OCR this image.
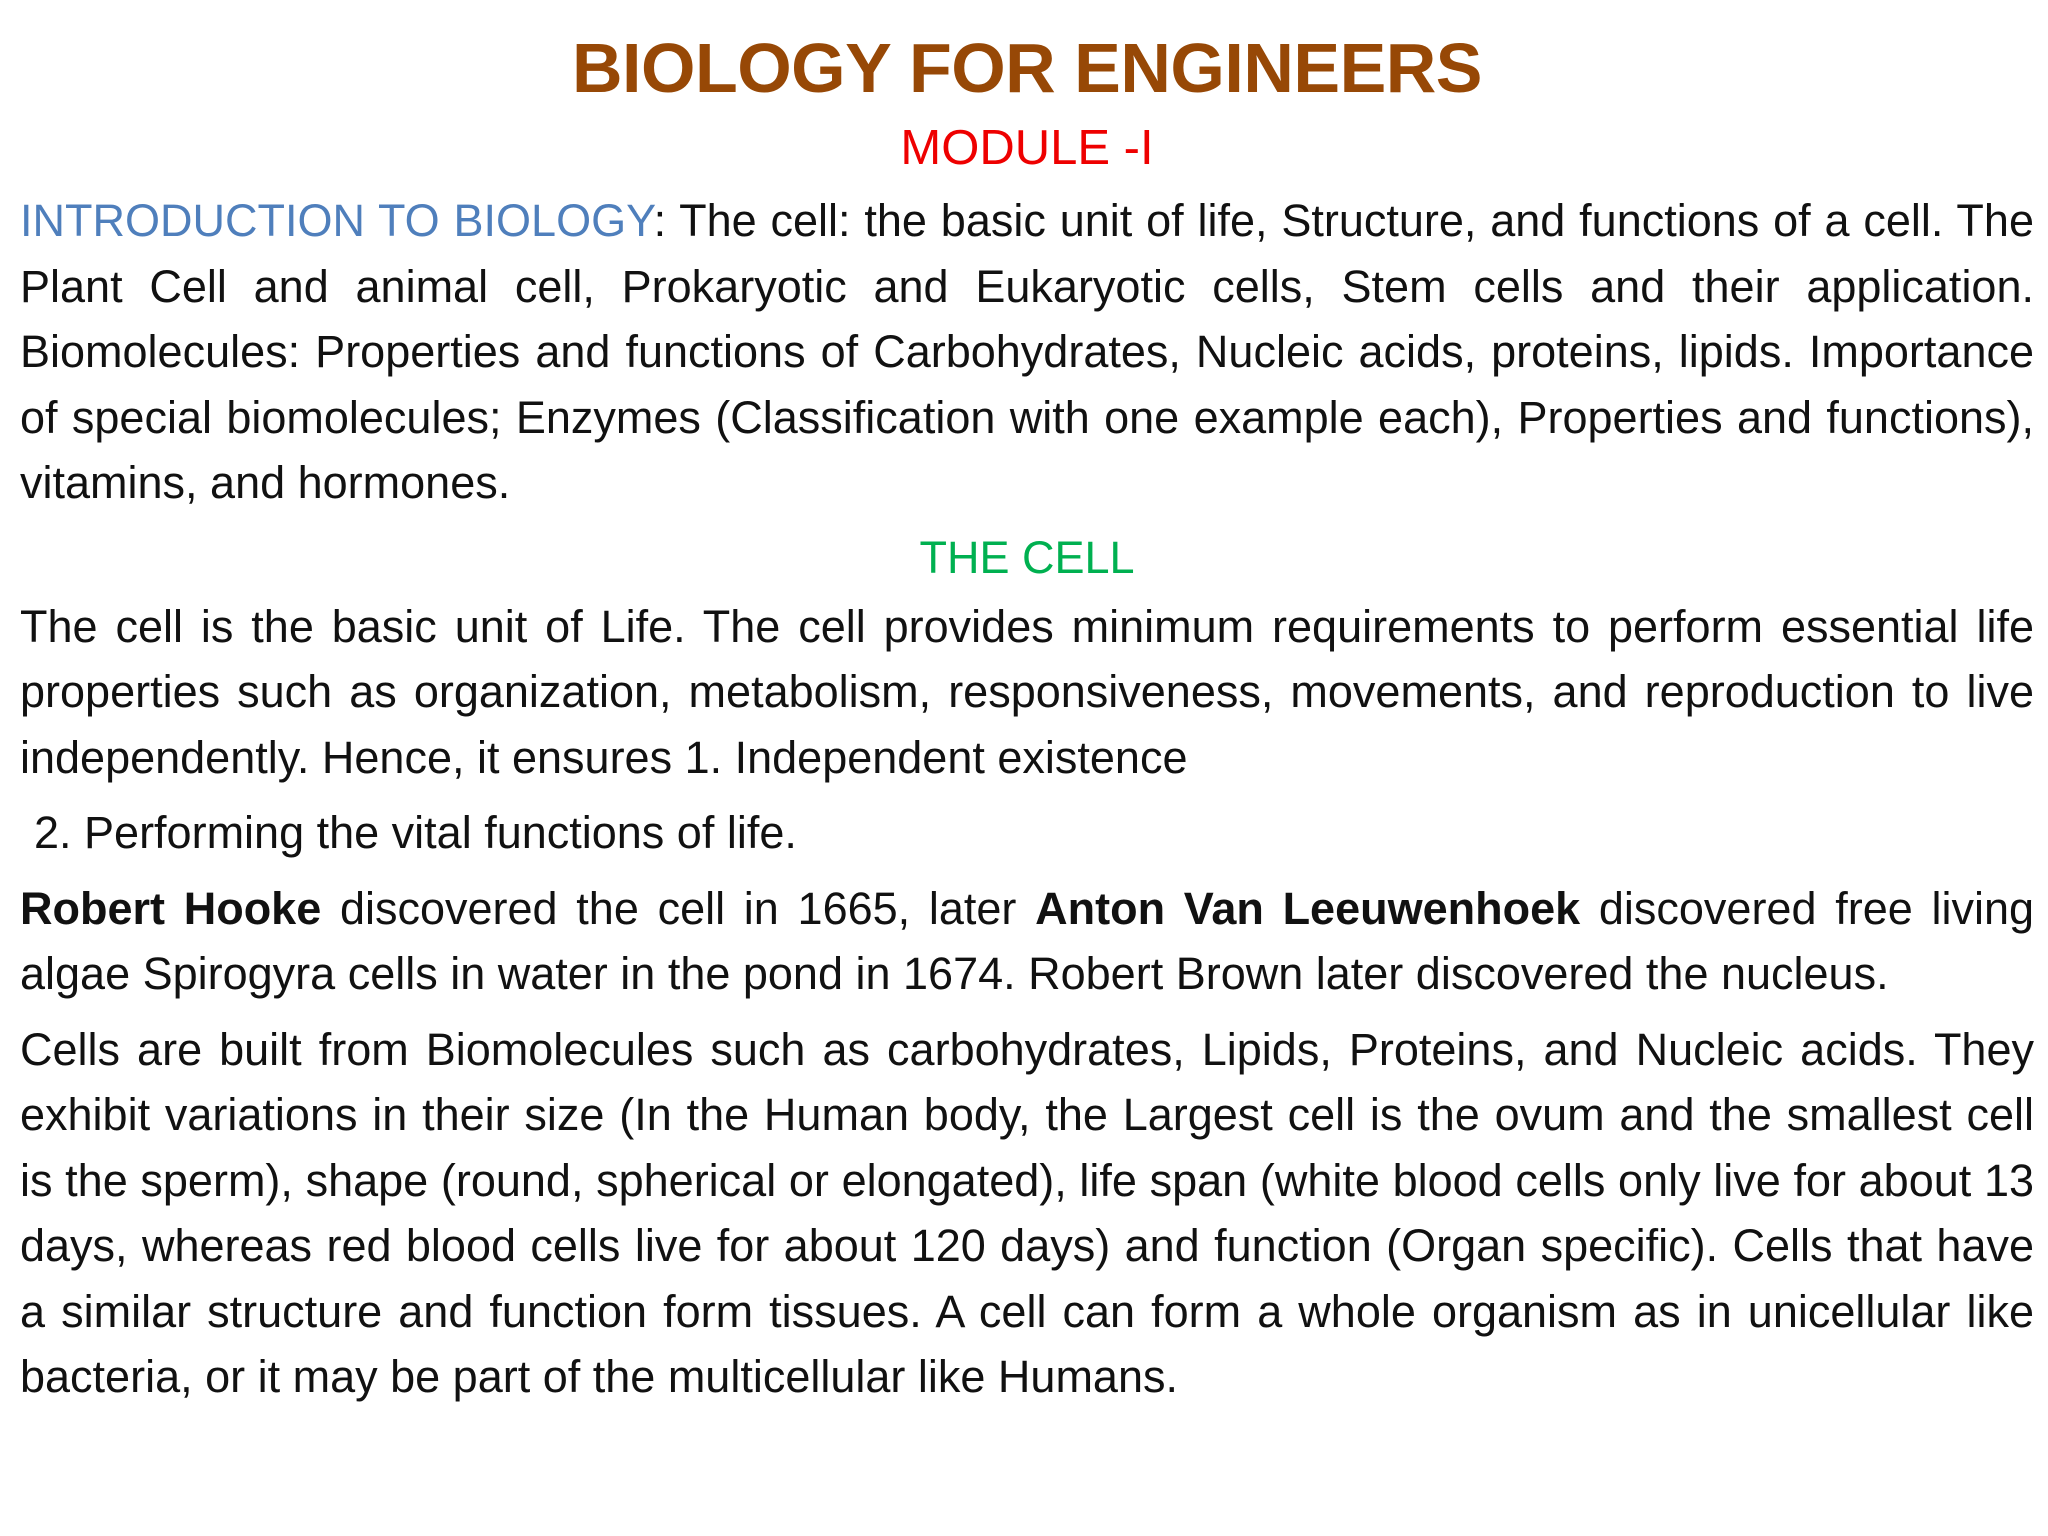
BIOLOGY FOR ENGINEERS
MODULE -I

INTRODUCTION TO BIOLOGY: The cell: the basic unit of life, Structure, and functions of a cell. The Plant Cell and animal cell, Prokaryotic and Eukaryotic cells, Stem cells and their application. Biomolecules: Properties and functions of Carbohydrates, Nucleic acids, proteins, lipids. Importance of special biomolecules; Enzymes (Classification with one example each), Properties and functions), vitamins, and hormones.

THE CELL

The cell is the basic unit of Life. The cell provides minimum requirements to perform essential life properties such as organization, metabolism, responsiveness, movements, and reproduction to live independently. Hence, it ensures 1. Independent existence

2. Performing the vital functions of life.

Robert Hooke discovered the cell in 1665, later Anton Van Leeuwenhoek discovered free living algae Spirogyra cells in water in the pond in 1674. Robert Brown later discovered the nucleus.

Cells are built from Biomolecules such as carbohydrates, Lipids, Proteins, and Nucleic acids. They exhibit variations in their size (In the Human body, the Largest cell is the ovum and the smallest cell is the sperm), shape (round, spherical or elongated), life span (white blood cells only live for about 13 days, whereas red blood cells live for about 120 days) and function (Organ specific). Cells that have a similar structure and function form tissues. A cell can form a whole organism as in unicellular like bacteria, or it may be part of the multicellular like Humans.
